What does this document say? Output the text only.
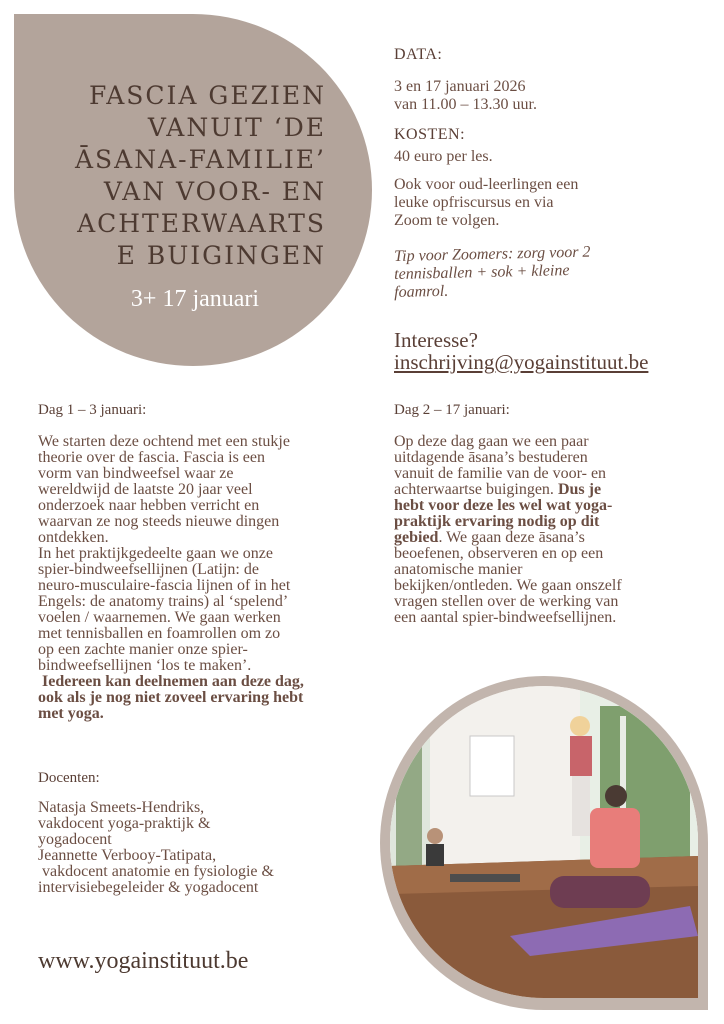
FASCIA GEZIEN
VANUIT ‘DE
ĀSANA-FAMILIE’
VAN VOOR- EN
ACHTERWAARTS
E BUIGINGEN
3+ 17 januari
DATA:
3 en 17 januari 2026
van 11.00 – 13.30 uur.
KOSTEN:
40 euro per les.
Ook voor oud-leerlingen een
leuke opfriscursus en via
Zoom te volgen.
Tip voor Zoomers: zorg voor 2
tennisballen + sok + kleine
foamrol.
Interesse?
inschrijving@yogainstituut.be
Dag 1 – 3 januari:

We starten deze ochtend met een stukje

theorie over de fascia. Fascia is een

vorm van bindweefsel waar ze

wereldwijd de laatste 20 jaar veel

onderzoek naar hebben verricht en

waarvan ze nog steeds nieuwe dingen

ontdekken.

In het praktijkgedeelte gaan we onze

spier-bindweefsellijnen (Latijn: de

neuro-musculaire-fascia lijnen of in het

Engels: de anatomy trains) al ‘spelend’

voelen / waarnemen. We gaan werken

met tennisballen en foamrollen om zo

op een zachte manier onze spier-

bindweefsellijnen ‘los te maken’.

Iedereen kan deelnemen aan deze dag,

ook als je nog niet zoveel ervaring hebt

met yoga.

Dag 2 – 17 januari:

Op deze dag gaan we een paar

uitdagende āsana’s bestuderen

vanuit de familie van de voor- en

achterwaartse buigingen. Dus je

hebt voor deze les wel wat yoga-

praktijk ervaring nodig op dit

gebied. We gaan deze āsana’s

beoefenen, observeren en op een

anatomische manier

bekijken/ontleden. We gaan onszelf

vragen stellen over de werking van

een aantal spier-bindweefsellijnen.

Docenten:

Natasja Smeets-Hendriks,

vakdocent yoga-praktijk &

yogadocent

Jeannette Verbooy-Tatipata,

vakdocent anatomie en fysiologie &

intervisiebegeleider & yogadocent

www.yogainstituut.be
